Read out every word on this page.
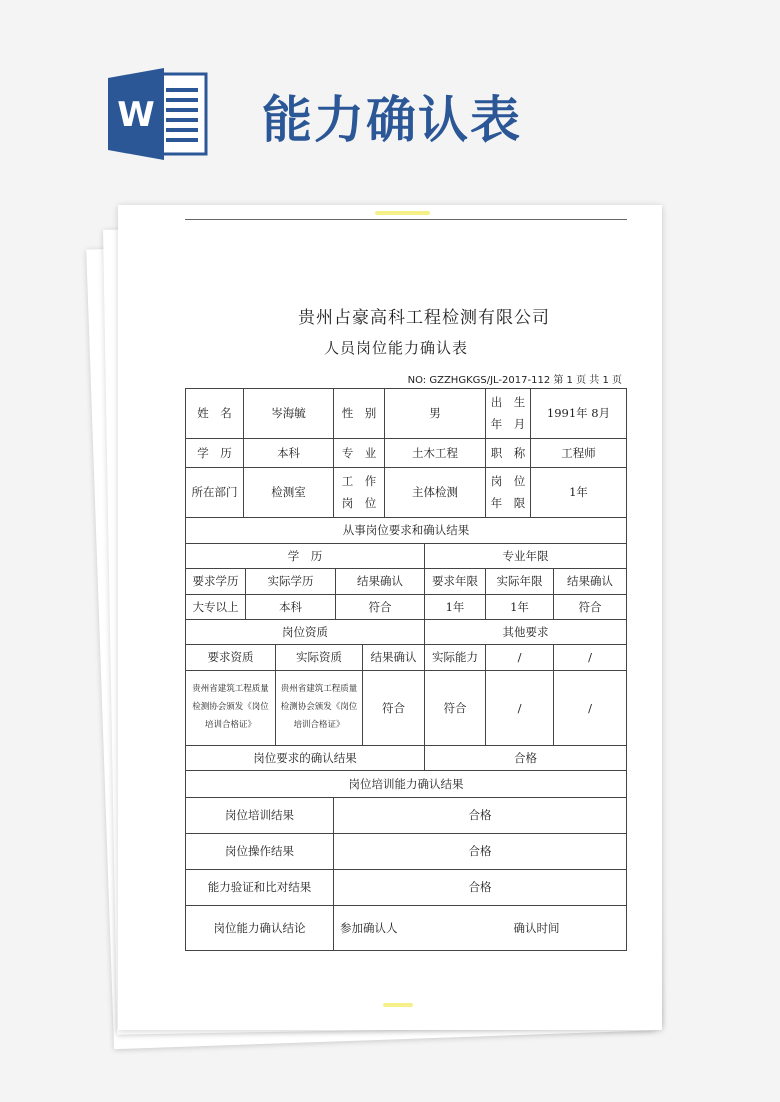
W 能力确认表
贵州占豪高科工程检测有限公司
人员岗位能力确认表
NO: GZZHGKGS/JL-2017-112 第 1 页 共 1 页
姓　名	岑海毓	性　别	男	出　生
年　月	1991年 8月
学　历	本科	专　业	土木工程	职　称	工程师
所在部门	检测室	工　作
岗　位	主体检测	岗　位
年　限	1年
从事岗位要求和确认结果					
学　历			专业年限		
要求学历	实际学历	结果确认	要求年限	实际年限	结果确认
大专以上	本科	符合	1年	1年	符合
岗位资质			其他要求		
要求资质	实际资质	结果确认	实际能力	/	/
贵州省建筑工程质量
检测协会颁发《岗位
培训合格证》	贵州省建筑工程质量
检测协会颁发《岗位
培训合格证》	符合	符合	/	/
岗位要求的确认结果			合格		
岗位培训能力确认结果		
岗位培训结果	合格	
岗位操作结果	合格	
能力验证和比对结果	合格	
岗位能力确认结论	参加确认人	确认时间
